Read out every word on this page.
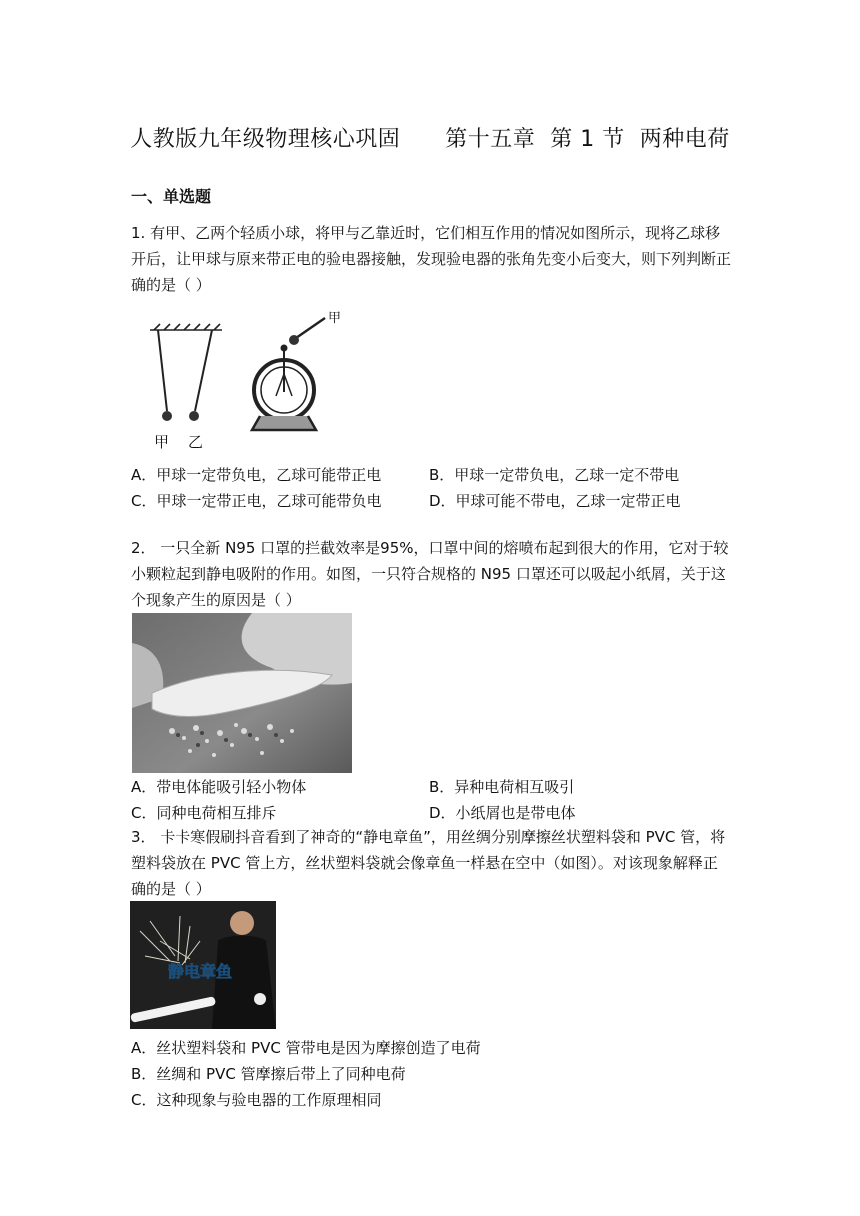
人教版九年级物理核心巩固      第十五章  第 1 节  两种电荷
一、单选题
1. 有甲、乙两个轻质小球，将甲与乙靠近时，它们相互作用的情况如图所示，现将乙球移开后，让甲球与原来带正电的验电器接触，发现验电器的张角先变小后变大，则下列判断正确的是（ ）
甲 乙
甲
A．甲球一定带负电，乙球可能带正电	B．甲球一定带负电，乙球一定不带电
C．甲球一定带正电，乙球可能带负电	D．甲球可能不带电，乙球一定带正电
2． 一只全新 N95 口罩的拦截效率是95%，口罩中间的熔喷布起到很大的作用，它对于较小颗粒起到静电吸附的作用。如图，一只符合规格的 N95 口罩还可以吸起小纸屑，关于这个现象产生的原因是（ ）
A．带电体能吸引轻小物体	B．异种电荷相互吸引
C．同种电荷相互排斥	D．小纸屑也是带电体
3． 卡卡寒假刷抖音看到了神奇的“静电章鱼”，用丝绸分别摩擦丝状塑料袋和 PVC 管，将塑料袋放在 PVC 管上方，丝状塑料袋就会像章鱼一样悬在空中（如图）。对该现象解释正确的是（ ）
静电章鱼
A．丝状塑料袋和 PVC 管带电是因为摩擦创造了电荷
B．丝绸和 PVC 管摩擦后带上了同种电荷
C．这种现象与验电器的工作原理相同
